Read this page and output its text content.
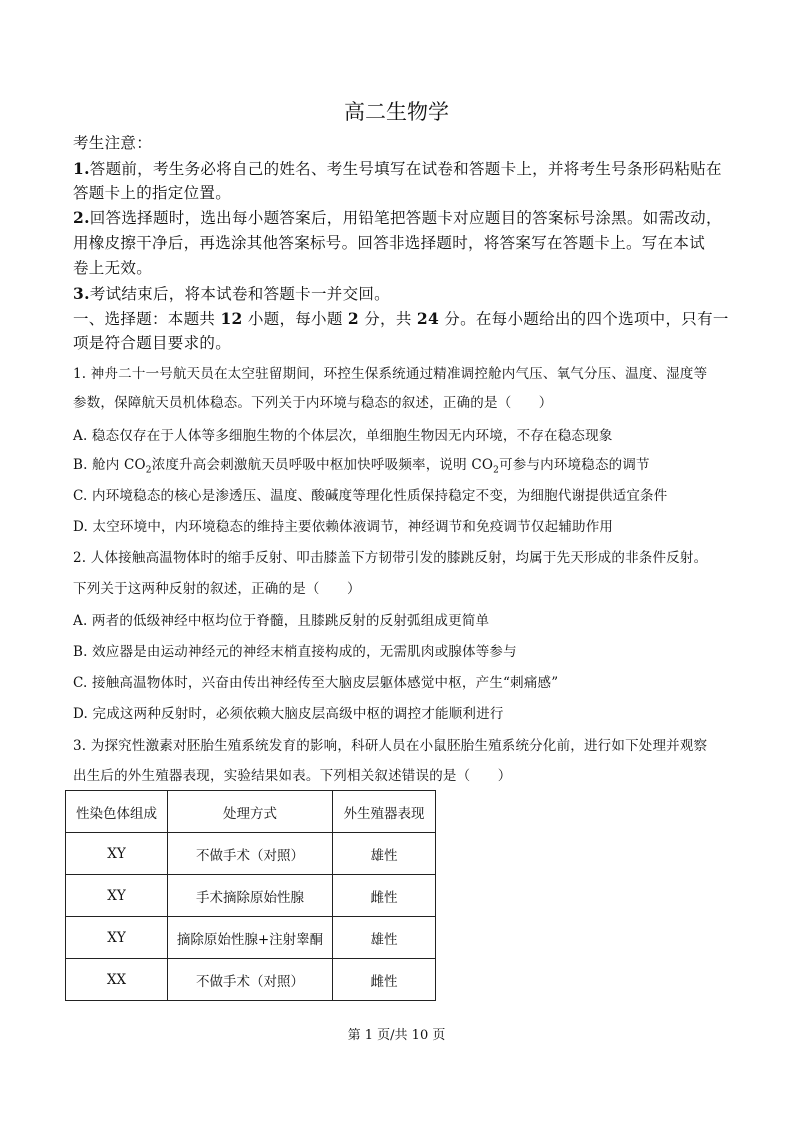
高二生物学
考生注意：
1.答题前，考生务必将自己的姓名、考生号填写在试卷和答题卡上，并将考生号条形码粘贴在
答题卡上的指定位置。
2.回答选择题时，选出每小题答案后，用铅笔把答题卡对应题目的答案标号涂黑。如需改动，
用橡皮擦干净后，再选涂其他答案标号。回答非选择题时，将答案写在答题卡上。写在本试
卷上无效。
3.考试结束后，将本试卷和答题卡一并交回。
一、选择题：本题共 12 小题，每小题 2 分，共 24 分。在每小题给出的四个选项中，只有一
项是符合题目要求的。
1. 神舟二十一号航天员在太空驻留期间，环控生保系统通过精准调控舱内气压、氧气分压、温度、湿度等
参数，保障航天员机体稳态。下列关于内环境与稳态的叙述，正确的是（　　）
A. 稳态仅存在于人体等多细胞生物的个体层次，单细胞生物因无内环境，不存在稳态现象
B. 舱内 $CO_2$浓度升高会刺激航天员呼吸中枢加快呼吸频率，说明 $CO_2$可参与内环境稳态的调节
C. 内环境稳态的核心是渗透压、温度、酸碱度等理化性质保持稳定不变，为细胞代谢提供适宜条件
D. 太空环境中，内环境稳态的维持主要依赖体液调节，神经调节和免疫调节仅起辅助作用
2. 人体接触高温物体时的缩手反射、叩击膝盖下方韧带引发的膝跳反射，均属于先天形成的非条件反射。
下列关于这两种反射的叙述，正确的是（　　）
A. 两者的低级神经中枢均位于脊髓，且膝跳反射的反射弧组成更简单
B. 效应器是由运动神经元的神经末梢直接构成的，无需肌肉或腺体等参与
C. 接触高温物体时，兴奋由传出神经传至大脑皮层躯体感觉中枢，产生“刺痛感”
D. 完成这两种反射时，必须依赖大脑皮层高级中枢的调控才能顺利进行
3. 为探究性激素对胚胎生殖系统发育的影响，科研人员在小鼠胚胎生殖系统分化前，进行如下处理并观察
出生后的外生殖器表现，实验结果如表。下列相关叙述错误的是（　　）
性染色体组成	处理方式	外生殖器表现
XY	不做手术（对照）	雄性
XY	手术摘除原始性腺	雌性
XY	摘除原始性腺+注射睾酮	雄性
XX	不做手术（对照）	雌性
第 1 页/共 10 页
